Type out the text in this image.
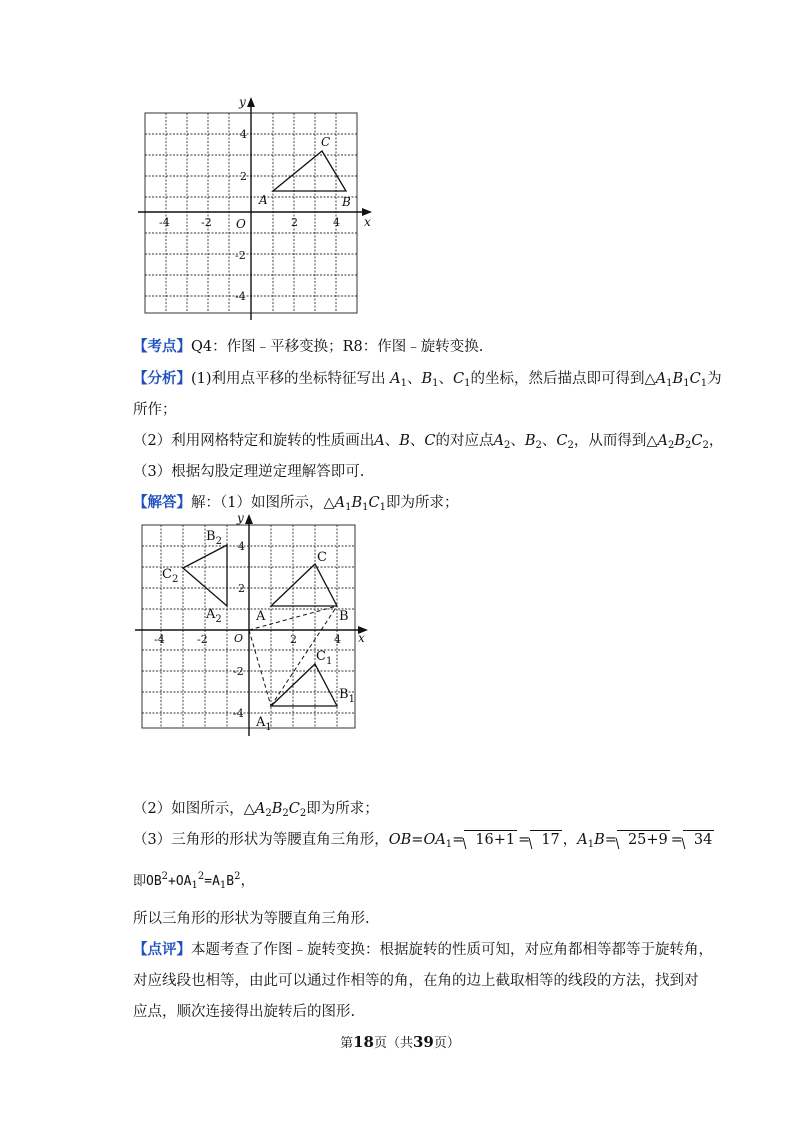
x
y
A	B
C
O
-4	-2	2	4
4
2
-2
-4
【考点】Q4：作图﹣平移变换；R8：作图﹣旋转变换.
【分析】(1)利用点平移的坐标特征写出 $A_1$、$B_1$、$C_1$的坐标，然后描点即可得到$\triangle A_1B_1C_1$为
所作；
（2）利用网格特定和旋转的性质画出A、B、C的对应点$A_2$、$B_2$、$C_2$，从而得到$\triangle A_2B_2C_2$，
（3）根据勾股定理逆定理解答即可.
【解答】解：（1）如图所示，$\triangle A_1B_1C_1$即为所求；
x
y
A	B
C
$B_2$
$C_2$
$A_2$
$C_1$
$B_1$
$A_1$
O
-4	-2	2	4
4
2
-2
-4
（2）如图所示，$\triangle A_2B_2C_2$即为所求；
（3）三角形的形状为等腰直角三角形，$OB=OA_1= 16+1 = 17$ ，$A_1B= 25+9 = 34$
即$OB^2+OA_1^2=A_1B^2$，
所以三角形的形状为等腰直角三角形.
【点评】本题考查了作图﹣旋转变换：根据旋转的性质可知，对应角都相等都等于旋转角，
对应线段也相等，由此可以通过作相等的角，在角的边上截取相等的线段的方法，找到对
应点，顺次连接得出旋转后的图形.
第18页（共39页）
